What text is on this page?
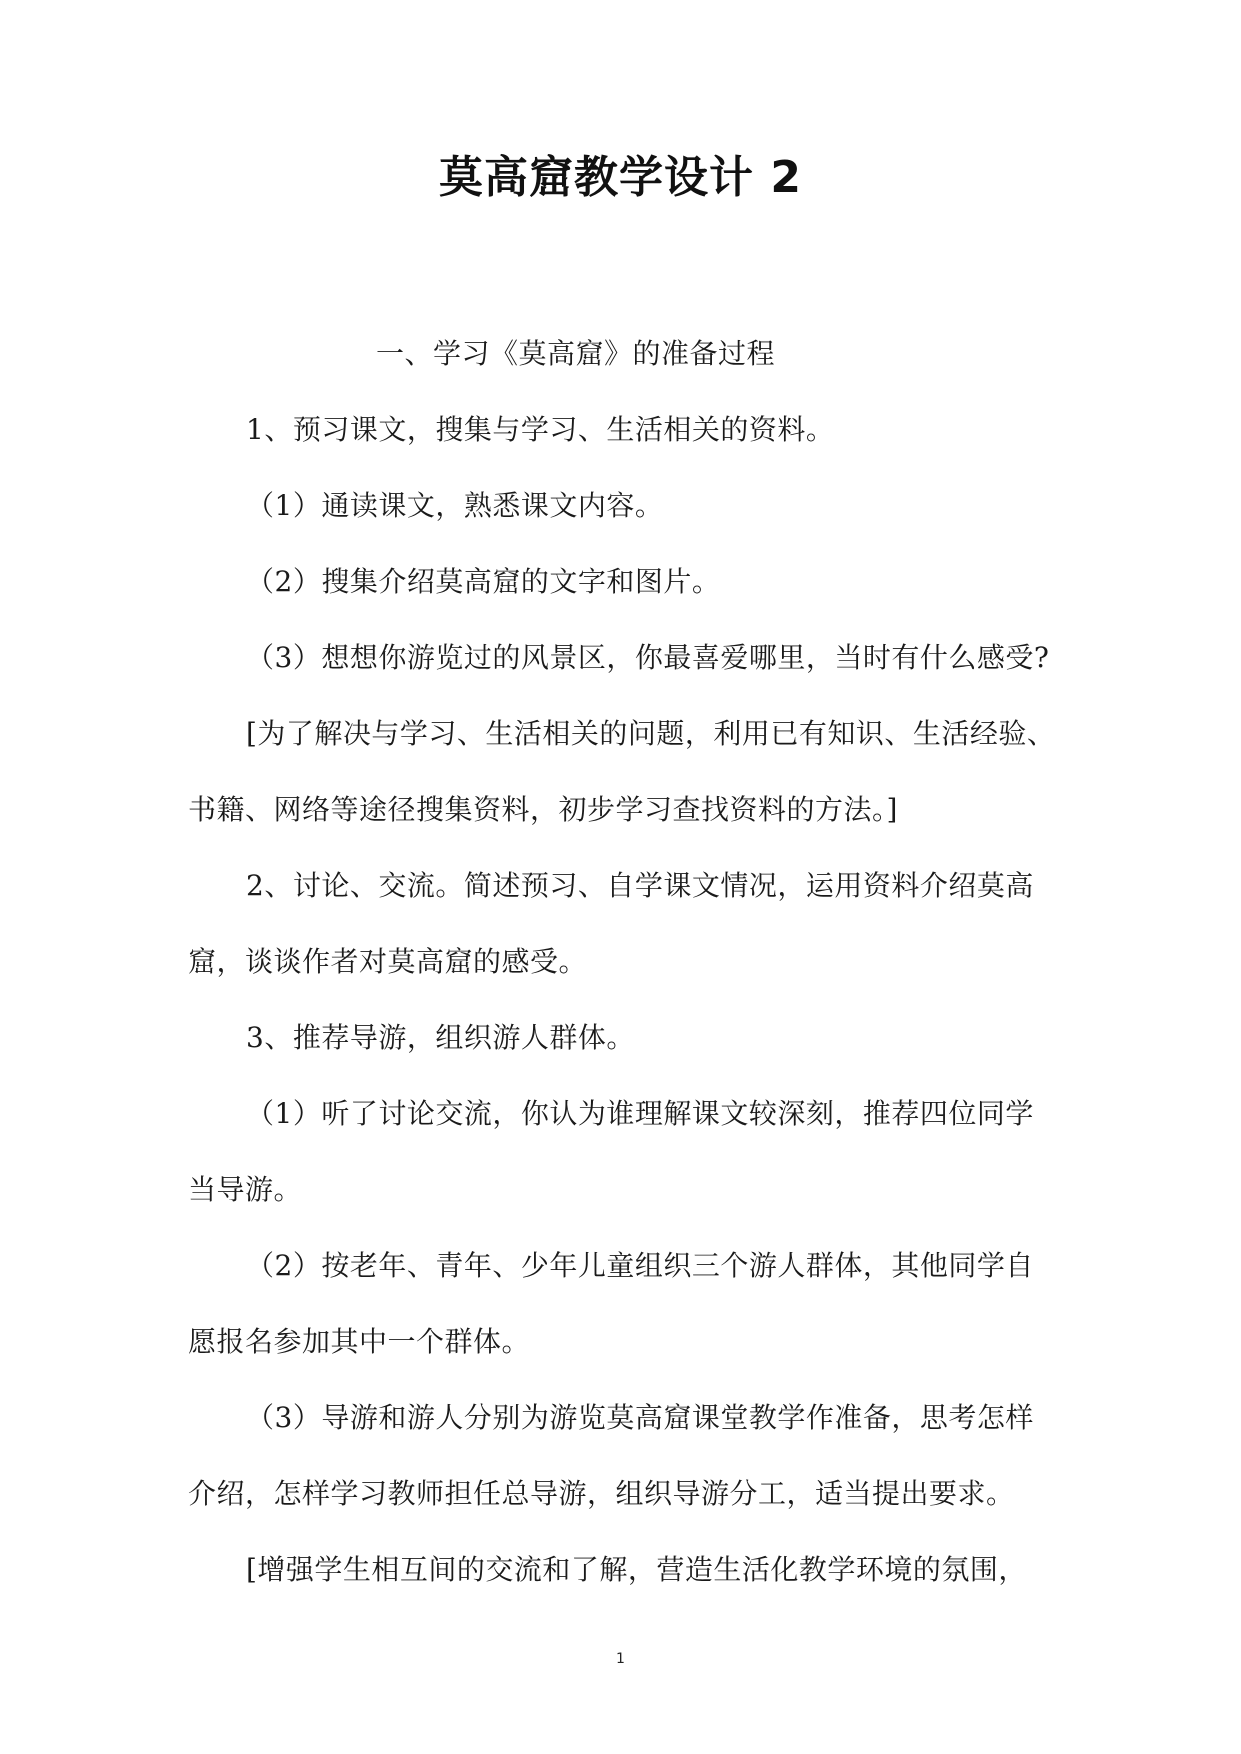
莫高窟教学设计 2
一、学习《莫高窟》的准备过程
1、预习课文，搜集与学习、生活相关的资料。
（1）通读课文，熟悉课文内容。
（2）搜集介绍莫高窟的文字和图片。
（3）想想你游览过的风景区，你最喜爱哪里，当时有什么感受?
[为了解决与学习、生活相关的问题，利用已有知识、生活经验、
书籍、网络等途径搜集资料，初步学习查找资料的方法。]
2、讨论、交流。简述预习、自学课文情况，运用资料介绍莫高
窟，谈谈作者对莫高窟的感受。
3、推荐导游，组织游人群体。
（1）听了讨论交流，你认为谁理解课文较深刻，推荐四位同学
当导游。
（2）按老年、青年、少年儿童组织三个游人群体，其他同学自
愿报名参加其中一个群体。
（3）导游和游人分别为游览莫高窟课堂教学作准备，思考怎样
介绍，怎样学习教师担任总导游，组织导游分工，适当提出要求。
[增强学生相互间的交流和了解，营造生活化教学环境的氛围，
1
